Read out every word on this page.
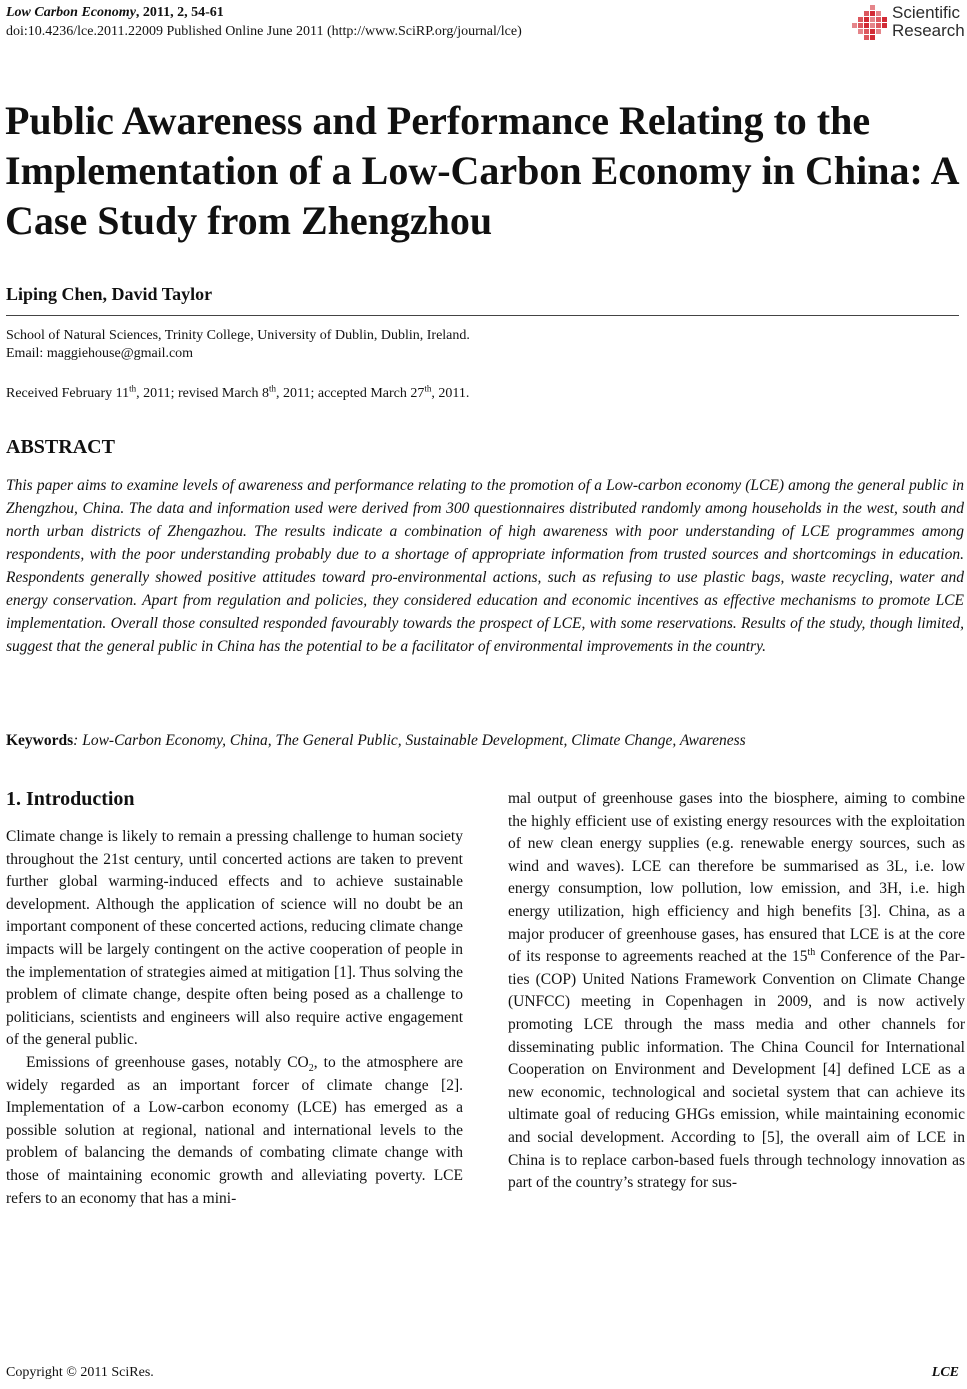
Low Carbon Economy, 2011, 2, 54-61
doi:10.4236/lce.2011.22009 Published Online June 2011 (http://www.SciRP.org/journal/lce)
Scientific
Research
Public Awareness and Performance Relating to the Implementation of a Low-Carbon Economy in China: A Case Study from Zhengzhou
Liping Chen, David Taylor
School of Natural Sciences, Trinity College, University of Dublin, Dublin, Ireland.
Email: maggiehouse@gmail.com
Received February 11th, 2011; revised March 8th, 2011; accepted March 27th, 2011.
ABSTRACT

This paper aims to examine levels of awareness and performance relating to the promotion of a Low-carbon economy (LCE) among the general public in Zhengzhou, China. The data and information used were derived from 300 questionnaires distributed randomly among households in the west, south and north urban districts of Zhengazhou. The results indicate a combination of high awareness with poor understanding of LCE programmes among respondents, with the poor understanding probably due to a shortage of appropriate information from trusted sources and shortcomings in education. Respondents generally showed positive attitudes toward pro-environmental actions, such as refusing to use plastic bags, waste recycling, water and energy conservation. Apart from regulation and policies, they considered education and economic incentives as effective mechanisms to promote LCE implementation. Overall those consulted responded favourably towards the prospect of LCE, with some reservations. Results of the study, though limited, suggest that the general public in China has the potential to be a facilitator of environmental improvements in the country.

Keywords: Low-Carbon Economy, China, The General Public, Sustainable Development, Climate Change, Awareness
1. Introduction

Climate change is likely to remain a pressing challenge to human society throughout the 21st century, until concerted actions are taken to prevent further global warming-induced effects and to achieve sustainable development. Although the application of science will no doubt be an important component of these concerted actions, reducing climate change impacts will be largely contingent on the active cooperation of people in the implementation of strategies aimed at mitigation [1]. Thus solving the problem of climate change, despite often being posed as a challenge to politicians, scientists and engineers will also require active engagement of the general public.

Emissions of greenhouse gases, notably $CO_2$, to the atmosphere are widely regarded as an important forcer of climate change [2]. Implementation of a Low-carbon economy (LCE) has emerged as a possible solution at regional, national and international levels to the problem of balancing the demands of combating climate change with those of maintaining economic growth and alleviating poverty. LCE refers to an economy that has a mini-

mal output of greenhouse gases into the biosphere, aiming to combine the highly efficient use of existing energy resources with the exploitation of new clean energy supplies (e.g. renewable energy sources, such as wind and waves). LCE can therefore be summarised as 3L, i.e. low energy consumption, low pollution, low emission, and 3H, i.e. high energy utilization, high efficiency and high benefits [3]. China, as a major producer of greenhouse gases, has ensured that LCE is at the core of its response to agreements reached at the 15th Conference of the Parties (COP) United Nations Framework Convention on Climate Change (UNFCC) meeting in Copenhagen in 2009, and is now actively promoting LCE through the mass media and other channels for disseminating public information. The China Council for International Cooperation on Environment and Development [4] defined LCE as a new economic, technological and societal system that can achieve its ultimate goal of reducing GHGs emission, while maintaining economic and social development. According to [5], the overall aim of LCE in China is to replace carbon-based fuels through technology innovation as part of the country’s strategy for sus-

Copyright © 2011 SciRes.	LCE
